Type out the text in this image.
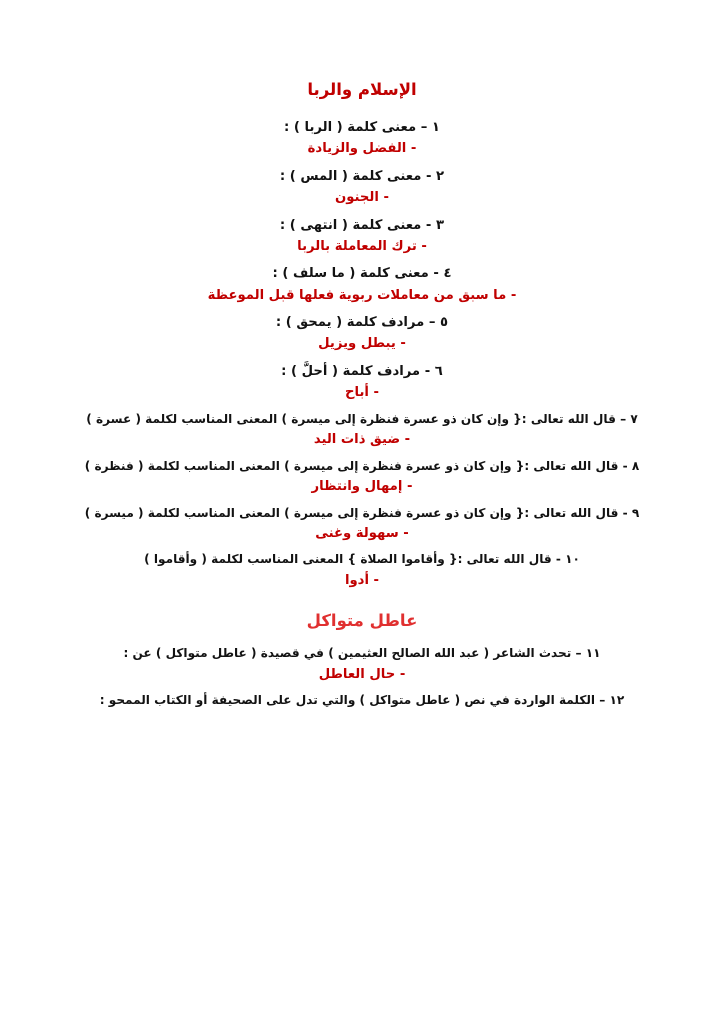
الإسلام والربا

١ – معنى كلمة ( الربا ) :

- الفضل والزيادة

٢ - معنى كلمة ( المس ) :

- الجنون

٣ - معنى كلمة ( انتهى ) :

- ترك المعاملة بالربا

٤ - معنى كلمة ( ما سلف ) :

- ما سبق من معاملات ربوية فعلها قبل الموعظة

٥ – مرادف كلمة ( يمحق ) :

- يبطل ويزيل

٦ - مرادف كلمة ( أحلَّ ) :

- أباح

٧ – قال الله تعالى :{ وإن كان ذو عسرة فنظرة إلى ميسرة ) المعنى المناسب لكلمة ( عسرة )

- ضيق ذات اليد

٨ - قال الله تعالى :{ وإن كان ذو عسرة فنظرة إلى ميسرة ) المعنى المناسب لكلمة ( فنظرة )

- إمهال وانتظار

٩ - قال الله تعالى :{ وإن كان ذو عسرة فنظرة إلى ميسرة ) المعنى المناسب لكلمة ( ميسرة )

- سهولة وغنى

١٠ - قال الله تعالى :{ وأقاموا الصلاة } المعنى المناسب لكلمة ( وأقاموا )

- أدوا

عاطل متواكل

١١ – تحدث الشاعر ( عبد الله الصالح العثيمين ) في قصيدة ( عاطل متواكل ) عن :

- حال العاطل

١٢ – الكلمة الواردة في نص ( عاطل متواكل ) والتي تدل على الصحيفة أو الكتاب الممحو :
